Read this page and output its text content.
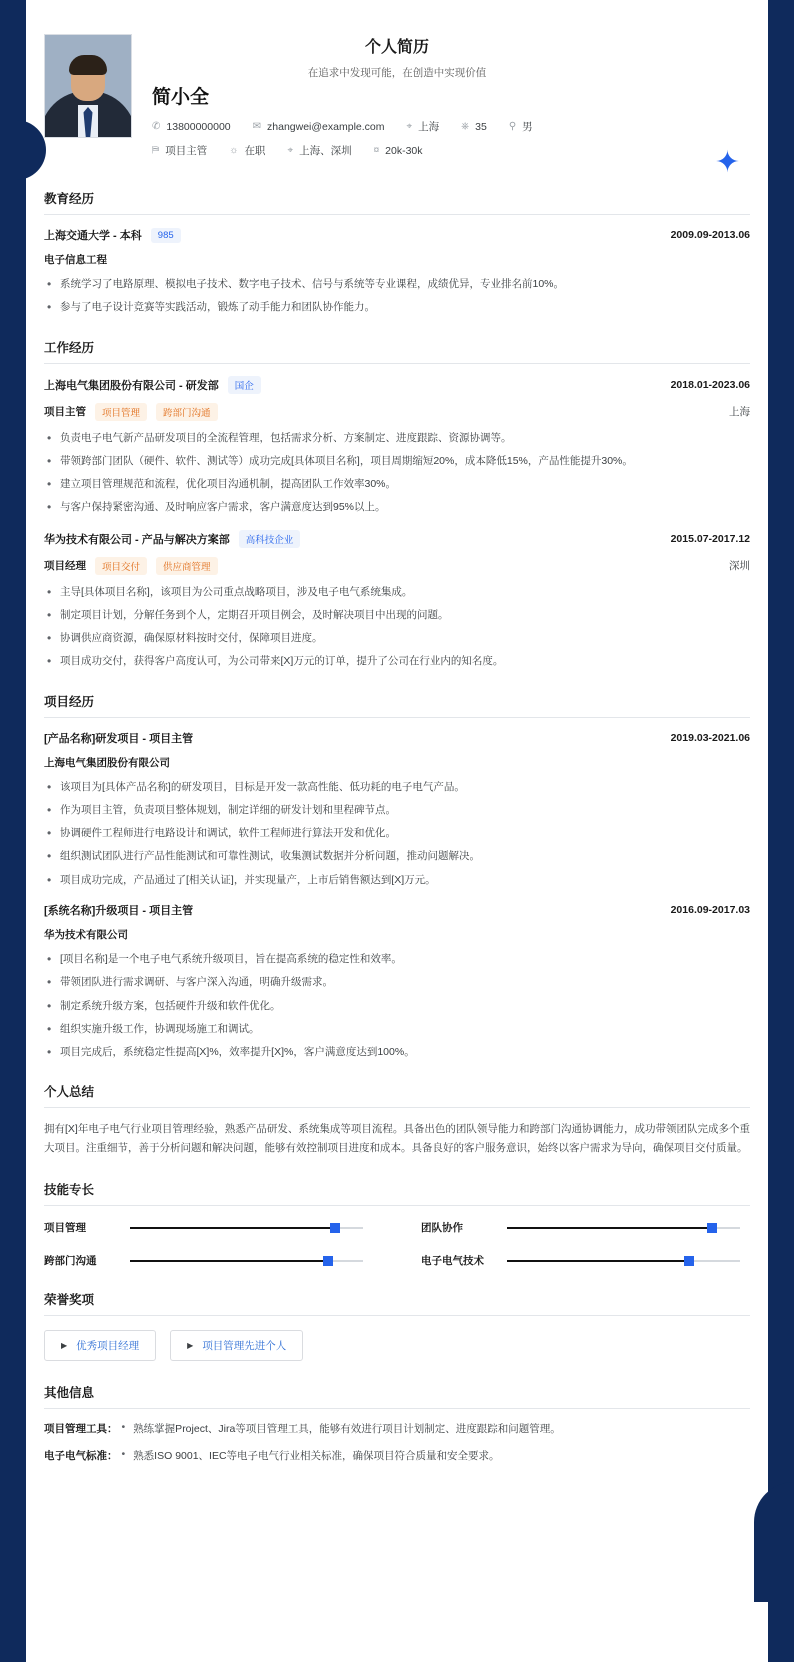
✦
个人简历
在追求中发现可能，在创造中实现价值
简小全
✆ 13800000000 ✉ zhangwei@example.com ⌖ 上海 ⎈ 35 ⚲ 男
⛿ 项目主管 ☼ 在职 ⌖ 上海、深圳 ¤ 20k-30k
教育经历
上海交通大学 - 本科	985	2009.09-2013.06
电子信息工程
• 系统学习了电路原理、模拟电子技术、数字电子技术、信号与系统等专业课程，成绩优异，专业排名前10%。
• 参与了电子设计竞赛等实践活动，锻炼了动手能力和团队协作能力。
工作经历
上海电气集团股份有限公司 - 研发部	国企	2018.01-2023.06
项目主管	项目管理	跨部门沟通	上海
• 负责电子电气新产品研发项目的全流程管理，包括需求分析、方案制定、进度跟踪、资源协调等。
• 带领跨部门团队（硬件、软件、测试等）成功完成[具体项目名称]，项目周期缩短20%，成本降低15%，产品性能提升30%。
• 建立项目管理规范和流程，优化项目沟通机制，提高团队工作效率30%。
• 与客户保持紧密沟通、及时响应客户需求，客户满意度达到95%以上。
华为技术有限公司 - 产品与解决方案部	高科技企业	2015.07-2017.12
项目经理	项目交付	供应商管理	深圳
• 主导[具体项目名称]，该项目为公司重点战略项目，涉及电子电气系统集成。
• 制定项目计划，分解任务到个人，定期召开项目例会，及时解决项目中出现的问题。
• 协调供应商资源，确保原材料按时交付，保障项目进度。
• 项目成功交付，获得客户高度认可，为公司带来[X]万元的订单，提升了公司在行业内的知名度。
项目经历
[产品名称]研发项目 - 项目主管	2019.03-2021.06
上海电气集团股份有限公司
• 该项目为[具体产品名称]的研发项目，目标是开发一款高性能、低功耗的电子电气产品。
• 作为项目主管，负责项目整体规划，制定详细的研发计划和里程碑节点。
• 协调硬件工程师进行电路设计和调试，软件工程师进行算法开发和优化。
• 组织测试团队进行产品性能测试和可靠性测试，收集测试数据并分析问题，推动问题解决。
• 项目成功完成，产品通过了[相关认证]，并实现量产，上市后销售额达到[X]万元。
[系统名称]升级项目 - 项目主管	2016.09-2017.03
华为技术有限公司
• [项目名称]是一个电子电气系统升级项目，旨在提高系统的稳定性和效率。
• 带领团队进行需求调研、与客户深入沟通，明确升级需求。
• 制定系统升级方案，包括硬件升级和软件优化。
• 组织实施升级工作，协调现场施工和调试。
• 项目完成后，系统稳定性提高[X]%，效率提升[X]%，客户满意度达到100%。
个人总结
拥有[X]年电子电气行业项目管理经验，熟悉产品研发、系统集成等项目流程。具备出色的团队领导能力和跨部门沟通协调能力，成功带领团队完成多个重大项目。注重细节，善于分析问题和解决问题，能够有效控制项目进度和成本。具备良好的客户服务意识，始终以客户需求为导向，确保项目交付质量。
技能专长
项目管理	团队协作
跨部门沟通	电子电气技术
荣誉奖项
▶ 优秀项目经理	▶ 项目管理先进个人
其他信息
项目管理工具： • 熟练掌握Project、Jira等项目管理工具，能够有效进行项目计划制定、进度跟踪和问题管理。
电子电气标准： • 熟悉ISO 9001、IEC等电子电气行业相关标准，确保项目符合质量和安全要求。
